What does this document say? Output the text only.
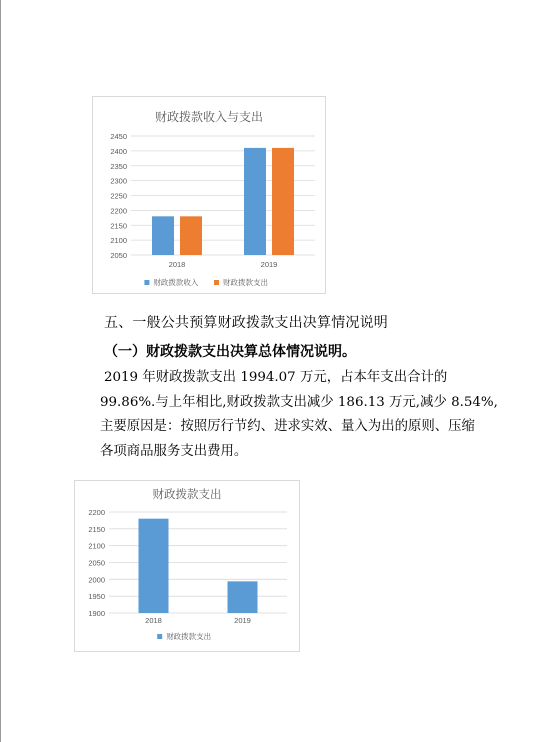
财政拨款收入与支出
2450
2400
2350
2300
2250
2200
2150
2100
2050
2018	2019
财政拨款收入	财政拨款支出
五、一般公共预算财政拨款支出决算情况说明
（一）财政拨款支出决算总体情况说明。
2019 年财政拨款支出 1994.07 万元，占本年支出合计的
99.86%.与上年相比,财政拨款支出减少 186.13 万元,减少 8.54%,
主要原因是：按照厉行节约、进求实效、量入为出的原则、压缩
各项商品服务支出费用。
财政拨款支出
2200
2150
2100
2050
2000
1950
1900
2018	2019
财政拨款支出
